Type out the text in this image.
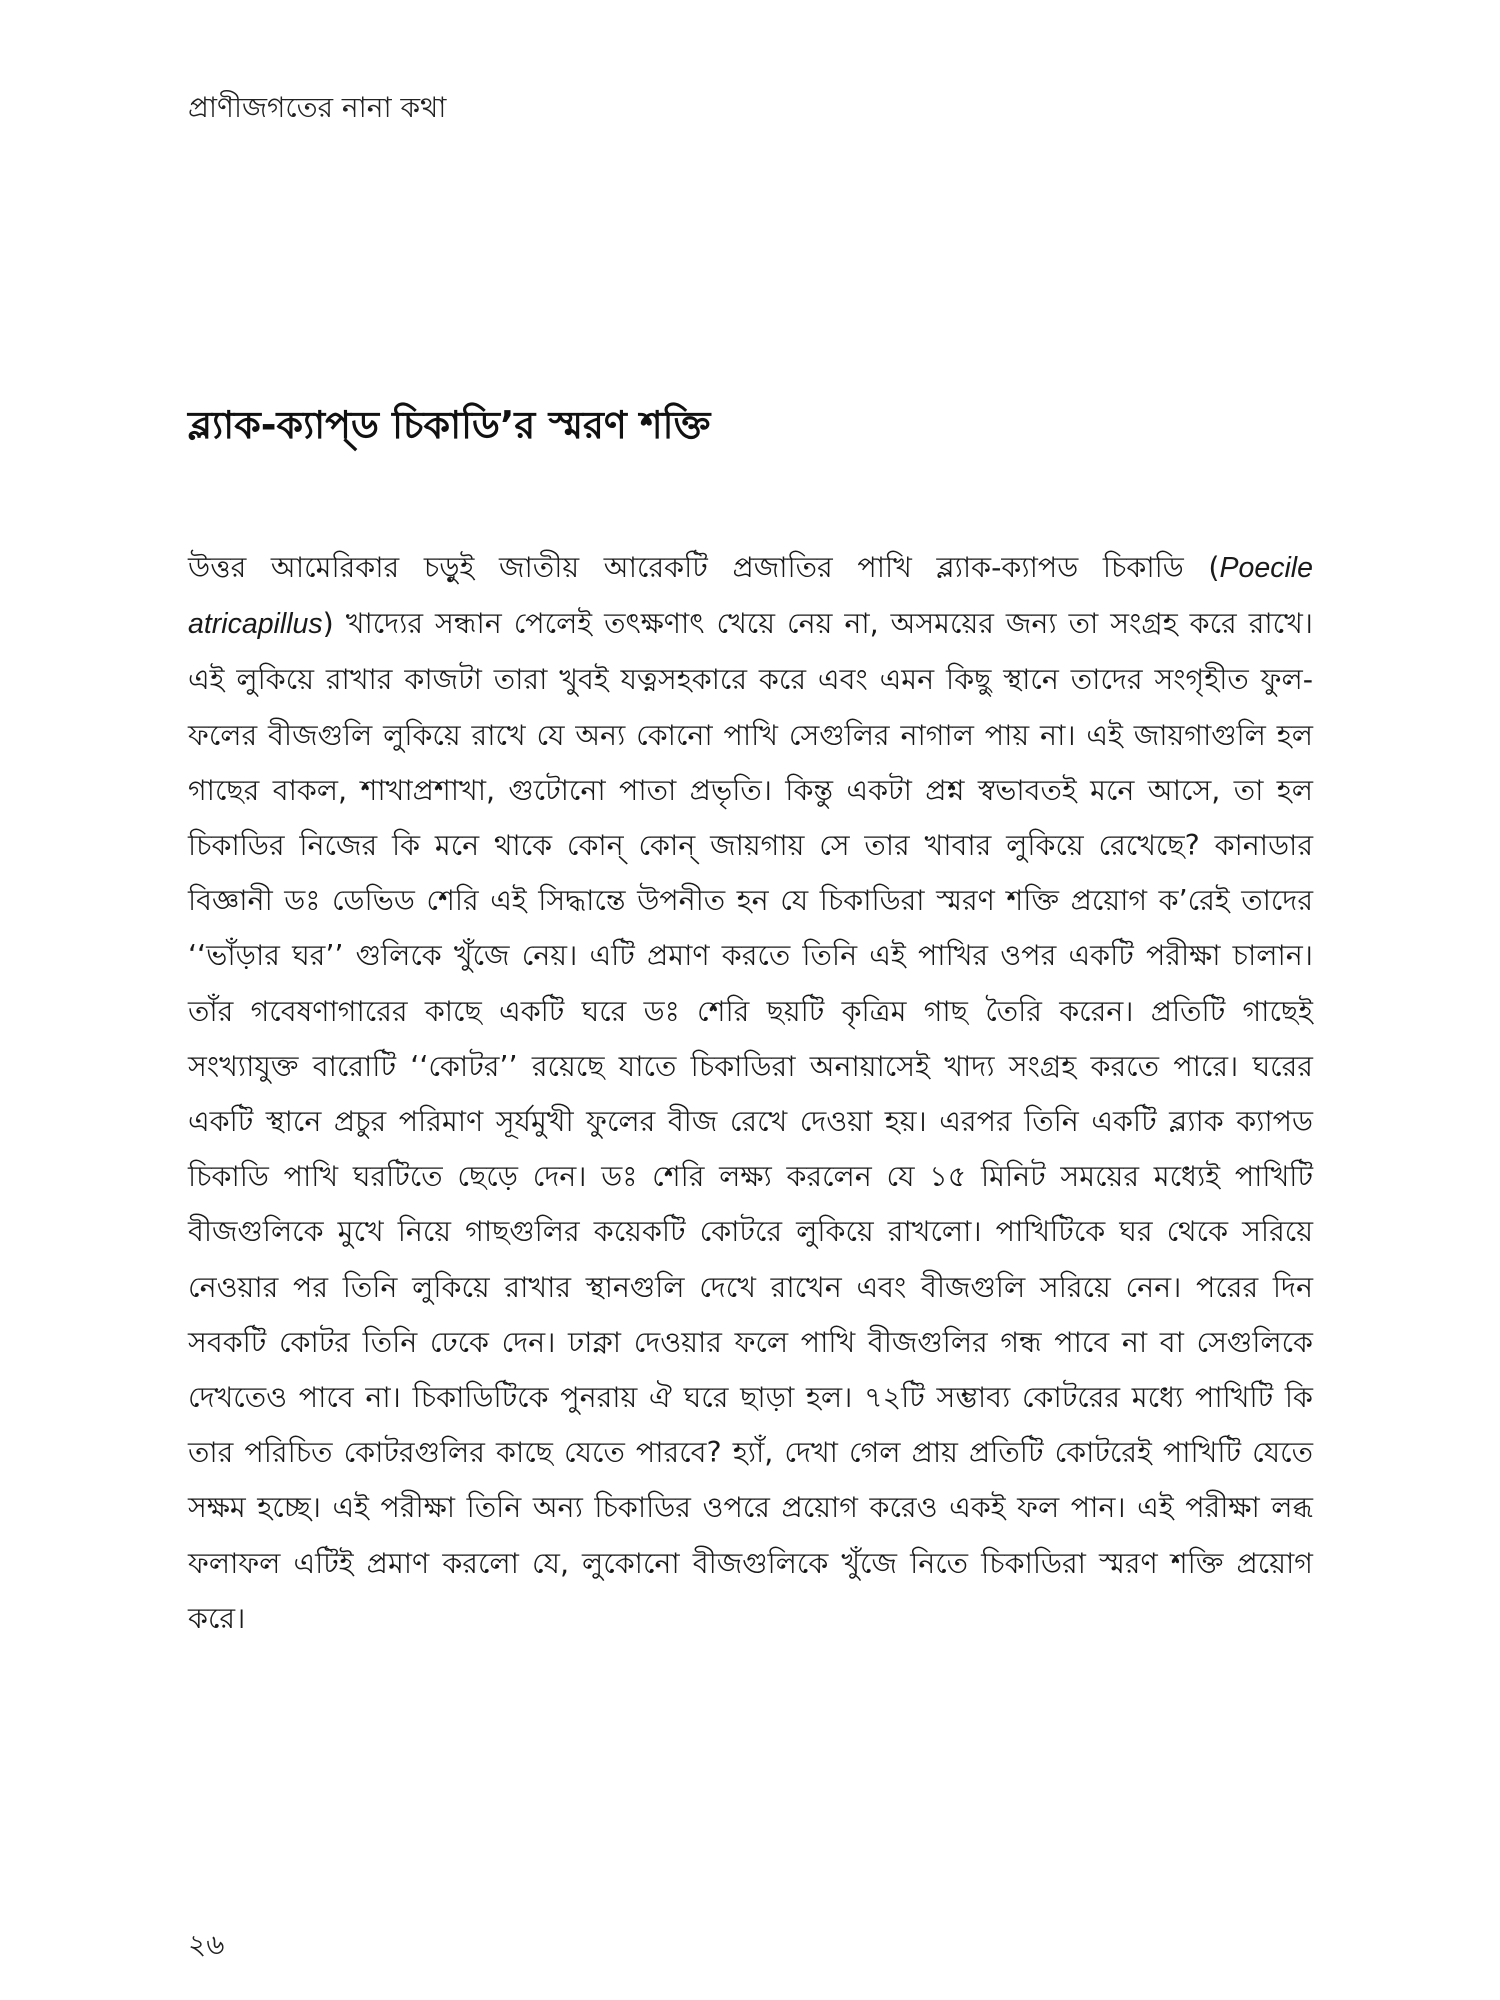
প্রাণীজগতের নানা কথা
ব্ল্যাক-ক্যাপ্ড চিকাডি’র স্মরণ শক্তি

উত্তর আমেরিকার চড়ুই জাতীয় আরেকটি প্রজাতির পাখি ব্ল্যাক-ক্যাপড চিকাডি (Poecile atricapillus) খাদ্যের সন্ধান পেলেই তৎক্ষণাৎ খেয়ে নেয় না, অসময়ের জন্য তা সংগ্রহ করে রাখে। এই লুকিয়ে রাখার কাজটা তারা খুবই যত্নসহকারে করে এবং এমন কিছু স্থানে তাদের সংগৃহীত ফুল-ফলের বীজগুলি লুকিয়ে রাখে যে অন্য কোনো পাখি সেগুলির নাগাল পায় না। এই জায়গাগুলি হল গাছের বাকল, শাখাপ্রশাখা, গুটোনো পাতা প্রভৃতি। কিন্তু একটা প্রশ্ন স্বভাবতই মনে আসে, তা হল চিকাডির নিজের কি মনে থাকে কোন্ কোন্ জায়গায় সে তার খাবার লুকিয়ে রেখেছে? কানাডার বিজ্ঞানী ডঃ ডেভিড শেরি এই সিদ্ধান্তে উপনীত হন যে চিকাডিরা স্মরণ শক্তি প্রয়োগ ক’রেই তাদের ‘‘ভাঁড়ার ঘর’’ গুলিকে খুঁজে নেয়। এটি প্রমাণ করতে তিনি এই পাখির ওপর একটি পরীক্ষা চালান। তাঁর গবেষণাগারের কাছে একটি ঘরে ডঃ শেরি ছয়টি কৃত্রিম গাছ তৈরি করেন। প্রতিটি গাছেই সংখ্যাযুক্ত বারোটি ‘‘কোটর’’ রয়েছে যাতে চিকাডিরা অনায়াসেই খাদ্য সংগ্রহ করতে পারে। ঘরের একটি স্থানে প্রচুর পরিমাণ সূর্যমুখী ফুলের বীজ রেখে দেওয়া হয়। এরপর তিনি একটি ব্ল্যাক ক্যাপড চিকাডি পাখি ঘরটিতে ছেড়ে দেন। ডঃ শেরি লক্ষ্য করলেন যে ১৫ মিনিট সময়ের মধ্যেই পাখিটি বীজগুলিকে মুখে নিয়ে গাছগুলির কয়েকটি কোটরে লুকিয়ে রাখলো। পাখিটিকে ঘর থেকে সরিয়ে নেওয়ার পর তিনি লুকিয়ে রাখার স্থানগুলি দেখে রাখেন এবং বীজগুলি সরিয়ে নেন। পরের দিন সবকটি কোটর তিনি ঢেকে দেন। ঢাক্না দেওয়ার ফলে পাখি বীজগুলির গন্ধ পাবে না বা সেগুলিকে দেখতেও পাবে না। চিকাডিটিকে পুনরায় ঐ ঘরে ছাড়া হল। ৭২টি সম্ভাব্য কোটরের মধ্যে পাখিটি কি তার পরিচিত কোটরগুলির কাছে যেতে পারবে? হ্যাঁ, দেখা গেল প্রায় প্রতিটি কোটরেই পাখিটি যেতে সক্ষম হচ্ছে। এই পরীক্ষা তিনি অন্য চিকাডির ওপরে প্রয়োগ করেও একই ফল পান। এই পরীক্ষা লব্ধ ফলাফল এটিই প্রমাণ করলো যে, লুকোনো বীজগুলিকে খুঁজে নিতে চিকাডিরা স্মরণ শক্তি প্রয়োগ করে।

২৬
